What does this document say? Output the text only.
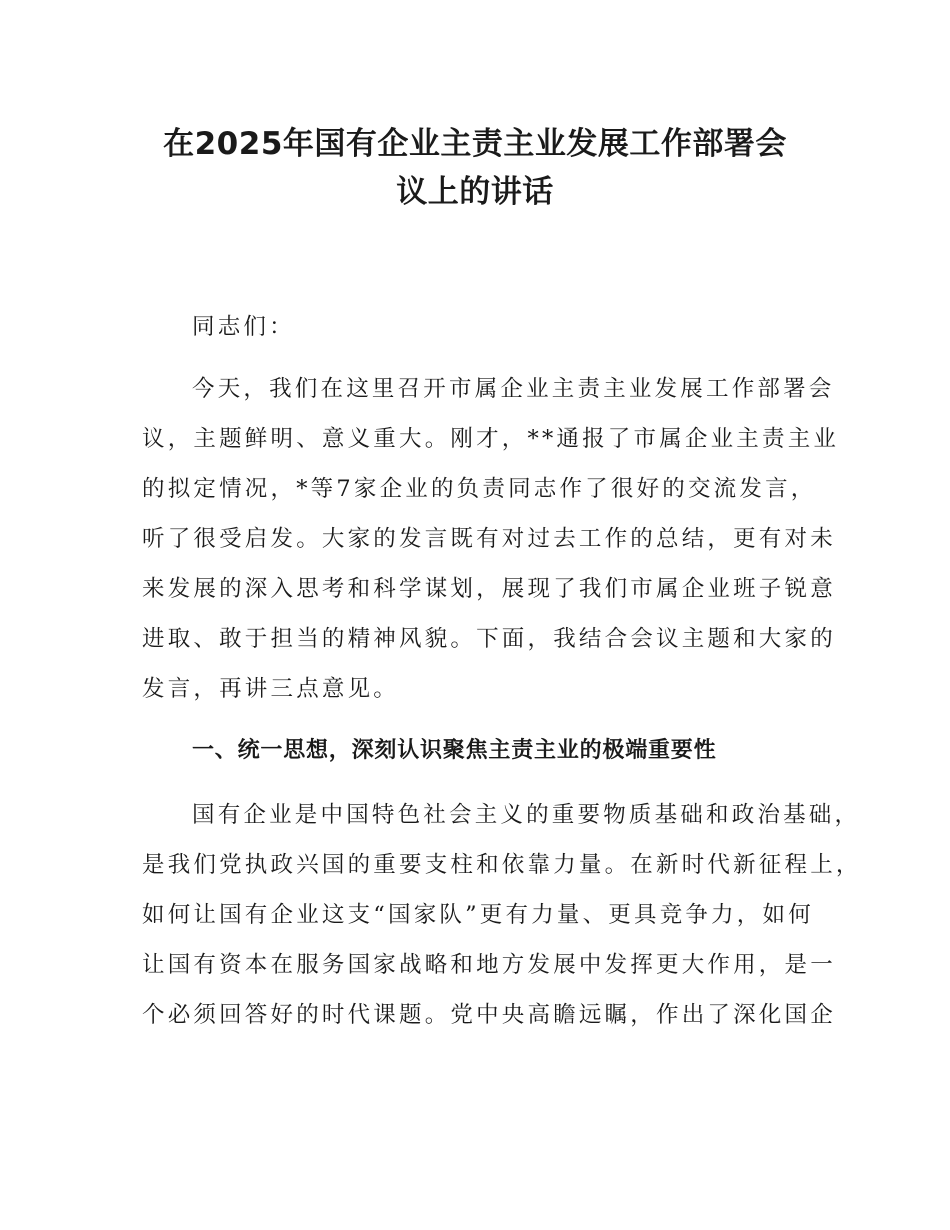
在2025年国有企业主责主业发展工作部署会
议上的讲话

同志们：

今天，我们在这里召开市属企业主责主业发展工作部署会

议，主题鲜明、意义重大。刚才，**通报了市属企业主责主业

的拟定情况，*等7家企业的负责同志作了很好的交流发言，

听了很受启发。大家的发言既有对过去工作的总结，更有对未

来发展的深入思考和科学谋划，展现了我们市属企业班子锐意

进取、敢于担当的精神风貌。下面，我结合会议主题和大家的

发言，再讲三点意见。

一、统一思想，深刻认识聚焦主责主业的极端重要性

国有企业是中国特色社会主义的重要物质基础和政治基础，

是我们党执政兴国的重要支柱和依靠力量。在新时代新征程上，

如何让国有企业这支“国家队”更有力量、更具竞争力，如何

让国有资本在服务国家战略和地方发展中发挥更大作用，是一

个必须回答好的时代课题。党中央高瞻远瞩，作出了深化国企
